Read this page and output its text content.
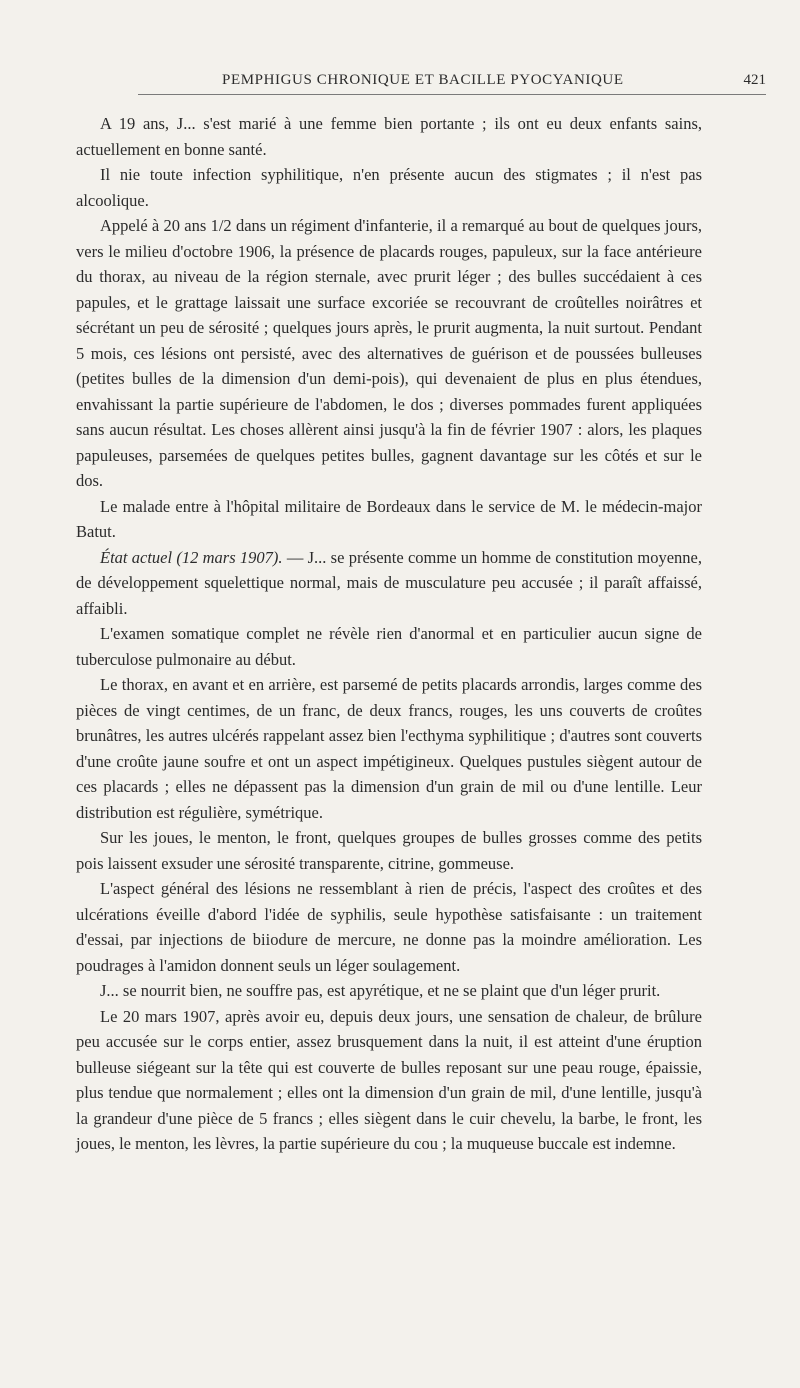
PEMPHIGUS CHRONIQUE ET BACILLE PYOCYANIQUE	421

A 19 ans, J... s'est marié à une femme bien portante ; ils ont eu deux enfants sains, actuellement en bonne santé.

Il nie toute infection syphilitique, n'en présente aucun des stigmates ; il n'est pas alcoolique.

Appelé à 20 ans 1/2 dans un régiment d'infanterie, il a remarqué au bout de quelques jours, vers le milieu d'octobre 1906, la présence de placards rouges, papuleux, sur la face antérieure du thorax, au niveau de la région sternale, avec prurit léger ; des bulles succédaient à ces papules, et le grattage laissait une surface excoriée se recouvrant de croûtelles noirâtres et sécrétant un peu de sérosité ; quelques jours après, le prurit augmenta, la nuit surtout. Pendant 5 mois, ces lésions ont persisté, avec des alternatives de guérison et de poussées bulleuses (petites bulles de la dimension d'un demi-pois), qui devenaient de plus en plus étendues, envahissant la partie supérieure de l'abdomen, le dos ; diverses pommades furent appliquées sans aucun résultat. Les choses allèrent ainsi jusqu'à la fin de février 1907 : alors, les plaques papuleuses, parsemées de quelques petites bulles, gagnent davantage sur les côtés et sur le dos.

Le malade entre à l'hôpital militaire de Bordeaux dans le service de M. le médecin-major Batut.

État actuel (12 mars 1907). — J... se présente comme un homme de constitution moyenne, de développement squelettique normal, mais de musculature peu accusée ; il paraît affaissé, affaibli.

L'examen somatique complet ne révèle rien d'anormal et en particulier aucun signe de tuberculose pulmonaire au début.

Le thorax, en avant et en arrière, est parsemé de petits placards arrondis, larges comme des pièces de vingt centimes, de un franc, de deux francs, rouges, les uns couverts de croûtes brunâtres, les autres ulcérés rappelant assez bien l'ecthyma syphilitique ; d'autres sont couverts d'une croûte jaune soufre et ont un aspect impétigineux. Quelques pustules siègent autour de ces placards ; elles ne dépassent pas la dimension d'un grain de mil ou d'une lentille. Leur distribution est régulière, symétrique.

Sur les joues, le menton, le front, quelques groupes de bulles grosses comme des petits pois laissent exsuder une sérosité transparente, citrine, gommeuse.

L'aspect général des lésions ne ressemblant à rien de précis, l'aspect des croûtes et des ulcérations éveille d'abord l'idée de syphilis, seule hypothèse satisfaisante : un traitement d'essai, par injections de biiodure de mercure, ne donne pas la moindre amélioration. Les poudrages à l'amidon donnent seuls un léger soulagement.

J... se nourrit bien, ne souffre pas, est apyrétique, et ne se plaint que d'un léger prurit.

Le 20 mars 1907, après avoir eu, depuis deux jours, une sensation de chaleur, de brûlure peu accusée sur le corps entier, assez brusquement dans la nuit, il est atteint d'une éruption bulleuse siégeant sur la tête qui est couverte de bulles reposant sur une peau rouge, épaissie, plus tendue que normalement ; elles ont la dimension d'un grain de mil, d'une lentille, jusqu'à la grandeur d'une pièce de 5 francs ; elles siègent dans le cuir chevelu, la barbe, le front, les joues, le menton, les lèvres, la partie supérieure du cou ; la muqueuse buccale est indemne.
